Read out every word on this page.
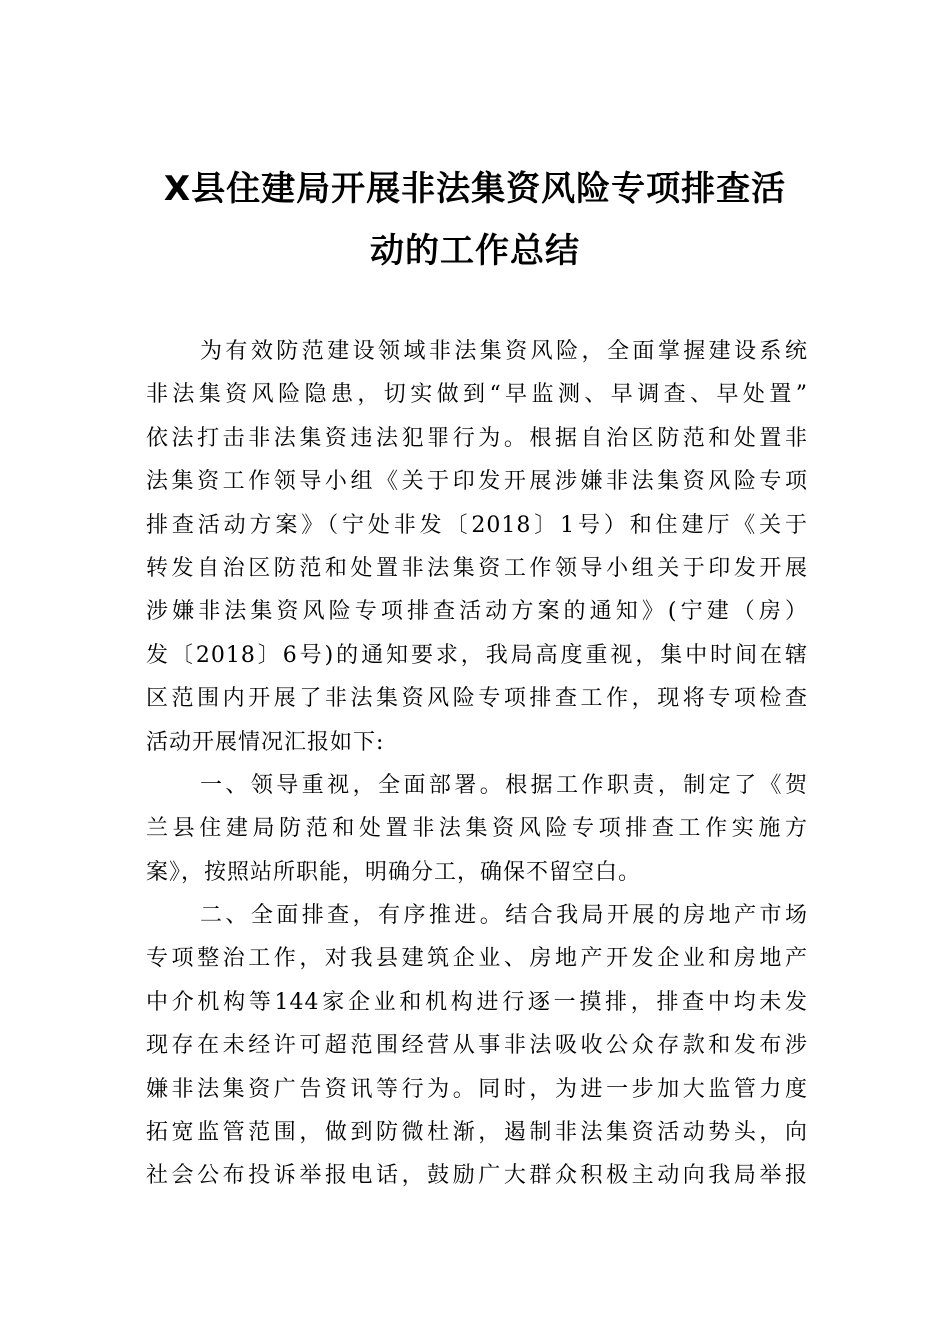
X县住建局开展非法集资风险专项排查活
动的工作总结
为有效防范建设领域非法集资风险，全面掌握建设系统
非法集资风险隐患，切实做到“早监测、早调查、早处置”
依法打击非法集资违法犯罪行为。根据自治区防范和处置非
法集资工作领导小组《关于印发开展涉嫌非法集资风险专项
排查活动方案》（宁处非发〔2018〕1号）和住建厅《关于
转发自治区防范和处置非法集资工作领导小组关于印发开展
涉嫌非法集资风险专项排查活动方案的通知》(宁建（房）
发〔2018〕6号)的通知要求，我局高度重视，集中时间在辖
区范围内开展了非法集资风险专项排查工作，现将专项检查
活动开展情况汇报如下:
一、领导重视，全面部署。根据工作职责，制定了《贺
兰县住建局防范和处置非法集资风险专项排查工作实施方
案》，按照站所职能，明确分工，确保不留空白。
二、全面排查，有序推进。结合我局开展的房地产市场
专项整治工作，对我县建筑企业、房地产开发企业和房地产
中介机构等144家企业和机构进行逐一摸排，排查中均未发
现存在未经许可超范围经营从事非法吸收公众存款和发布涉
嫌非法集资广告资讯等行为。同时，为进一步加大监管力度
拓宽监管范围，做到防微杜渐，遏制非法集资活动势头，向
社会公布投诉举报电话，鼓励广大群众积极主动向我局举报
